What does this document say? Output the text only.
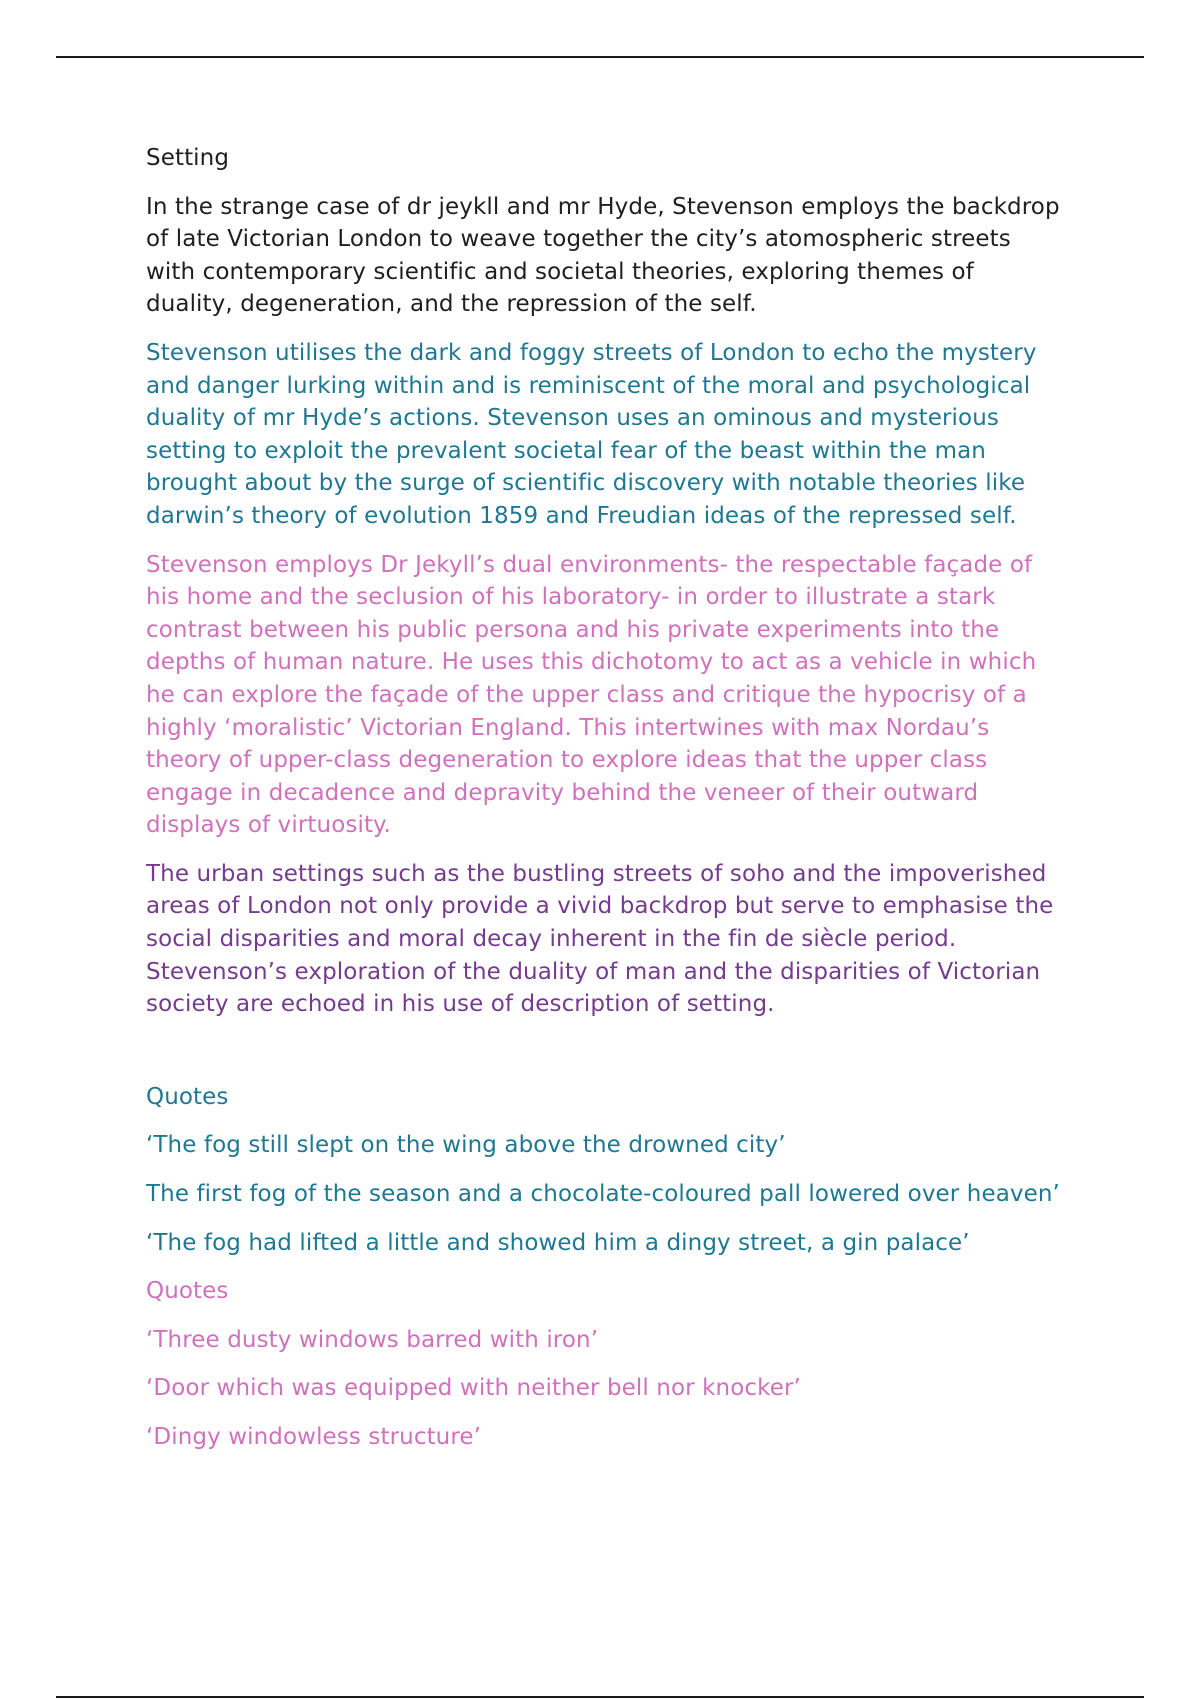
Setting

In the strange case of dr jeykll and mr Hyde, Stevenson employs the backdrop of late Victorian London to weave together the city’s atomospheric streets with contemporary scientific and societal theories, exploring themes of duality, degeneration, and the repression of the self.

Stevenson utilises the dark and foggy streets of London to echo the mystery and danger lurking within and is reminiscent of the moral and psychological duality of mr Hyde’s actions. Stevenson uses an ominous and mysterious setting to exploit the prevalent societal fear of the beast within the man brought about by the surge of scientific discovery with notable theories like darwin’s theory of evolution 1859 and Freudian ideas of the repressed self.

Stevenson employs Dr Jekyll’s dual environments- the respectable façade of his home and the seclusion of his laboratory- in order to illustrate a stark contrast between his public persona and his private experiments into the depths of human nature. He uses this dichotomy to act as a vehicle in which he can explore the façade of the upper class and critique the hypocrisy of a highly ‘moralistic’ Victorian England. This intertwines with max Nordau’s theory of upper-class degeneration to explore ideas that the upper class engage in decadence and depravity behind the veneer of their outward displays of virtuosity.

The urban settings such as the bustling streets of soho and the impoverished areas of London not only provide a vivid backdrop but serve to emphasise the social disparities and moral decay inherent in the fin de siècle period. Stevenson’s exploration of the duality of man and the disparities of Victorian society are echoed in his use of description of setting.

Quotes

‘The fog still slept on the wing above the drowned city’

The first fog of the season and a chocolate-coloured pall lowered over heaven’

‘The fog had lifted a little and showed him a dingy street, a gin palace’

Quotes

‘Three dusty windows barred with iron’

‘Door which was equipped with neither bell nor knocker’

‘Dingy windowless structure’
